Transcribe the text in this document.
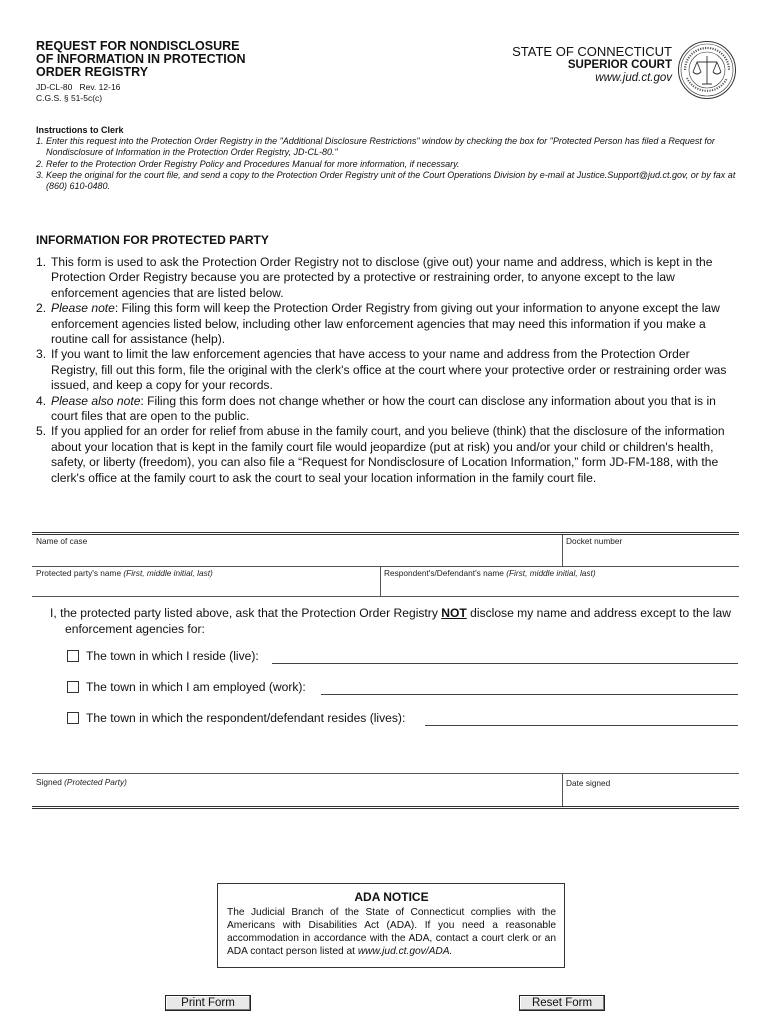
REQUEST FOR NONDISCLOSURE
OF INFORMATION IN PROTECTION
ORDER REGISTRY
JD-CL-80   Rev. 12-16
C.G.S. § 51-5c(c)
STATE OF CONNECTICUT
SUPERIOR COURT
www.jud.ct.gov
Instructions to Clerk
1. Enter this request into the Protection Order Registry in the "Additional Disclosure Restrictions" window by checking the box for "Protected Person has filed a Request for Nondisclosure of Information in the Protection Order Registry, JD-CL-80."
2. Refer to the Protection Order Registry Policy and Procedures Manual for more information, if necessary.
3. Keep the original for the court file, and send a copy to the Protection Order Registry unit of the Court Operations Division by e-mail at Justice.Support@jud.ct.gov, or by fax at (860) 610-0480.
INFORMATION FOR PROTECTED PARTY
1. This form is used to ask the Protection Order Registry not to disclose (give out) your name and address, which is kept in the Protection Order Registry because you are protected by a protective or restraining order, to anyone except to the law enforcement agencies that are listed below.
2. Please note: Filing this form will keep the Protection Order Registry from giving out your information to anyone except the law enforcement agencies listed below, including other law enforcement agencies that may need this information if you make a routine call for assistance (help).
3. If you want to limit the law enforcement agencies that have access to your name and address from the Protection Order Registry, fill out this form, file the original with the clerk's office at the court where your protective order or restraining order was issued, and keep a copy for your records.
4. Please also note: Filing this form does not change whether or how the court can disclose any information about you that is in court files that are open to the public.
5. If you applied for an order for relief from abuse in the family court, and you believe (think) that the disclosure of the information about your location that is kept in the family court file would jeopardize (put at risk) you and/or your child or children's health, safety, or liberty (freedom), you can also file a “Request for Nondisclosure of Location Information,” form JD-FM-188, with the clerk's office at the family court to ask the court to seal your location information in the family court file.
Name of case	Docket number
Protected party's name (First, middle initial, last)	Respondent's/Defendant's name (First, middle initial, last)
I, the protected party listed above, ask that the Protection Order Registry NOT disclose my name and address except to the law enforcement agencies for:
The town in which I reside (live):
The town in which I am employed (work):
The town in which the respondent/defendant resides (lives):
Signed (Protected Party)	Date signed
ADA NOTICE
The Judicial Branch of the State of Connecticut complies with the Americans with Disabilities Act (ADA). If you need a reasonable accommodation in accordance with the ADA, contact a court clerk or an ADA contact person listed at www.jud.ct.gov/ADA.
Print Form	Reset Form
